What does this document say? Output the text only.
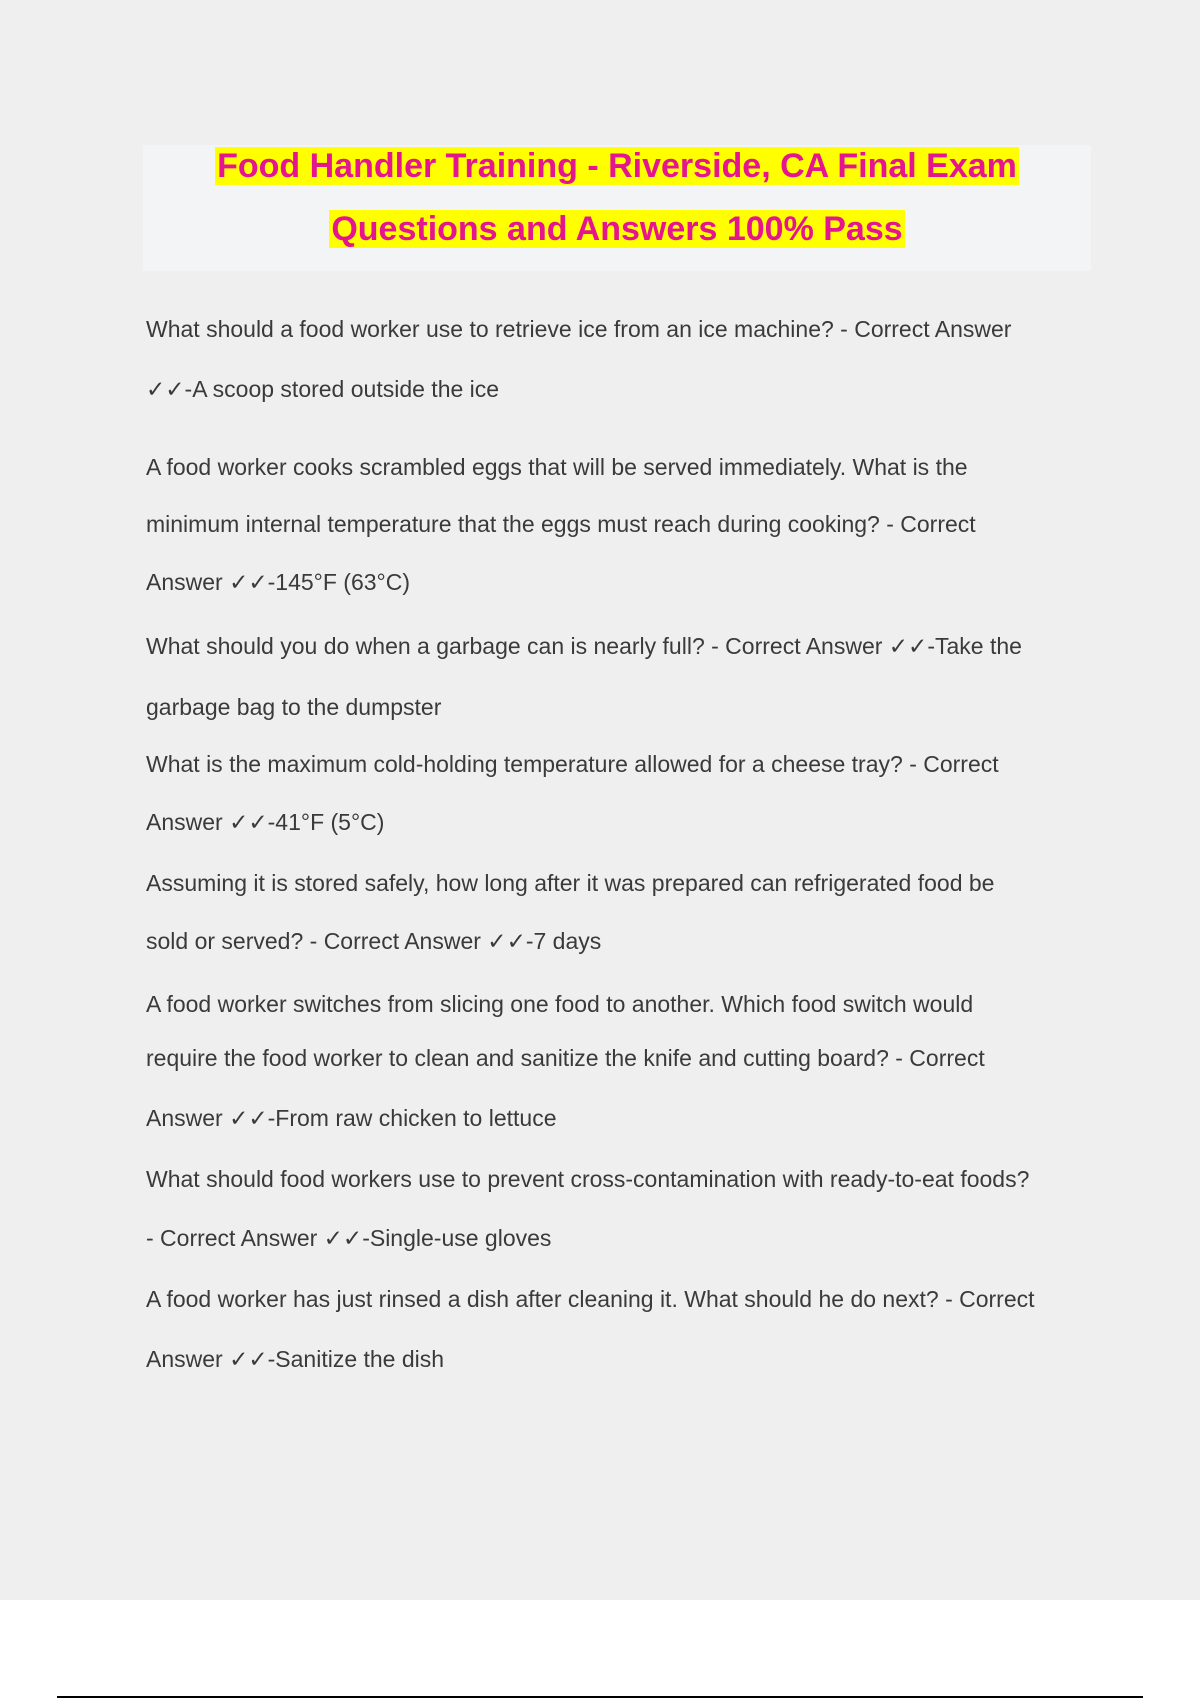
Food Handler Training - Riverside, CA Final Exam
Questions and Answers 100% Pass
What should a food worker use to retrieve ice from an ice machine? - Correct Answer
✓✓-A scoop stored outside the ice
A food worker cooks scrambled eggs that will be served immediately. What is the
minimum internal temperature that the eggs must reach during cooking? - Correct
Answer ✓✓-145°F (63°C)
What should you do when a garbage can is nearly full? - Correct Answer ✓✓-Take the
garbage bag to the dumpster
What is the maximum cold-holding temperature allowed for a cheese tray? - Correct
Answer ✓✓-41°F (5°C)
Assuming it is stored safely, how long after it was prepared can refrigerated food be
sold or served? - Correct Answer ✓✓-7 days
A food worker switches from slicing one food to another. Which food switch would
require the food worker to clean and sanitize the knife and cutting board? - Correct
Answer ✓✓-From raw chicken to lettuce
What should food workers use to prevent cross-contamination with ready-to-eat foods?
- Correct Answer ✓✓-Single-use gloves
A food worker has just rinsed a dish after cleaning it. What should he do next? - Correct
Answer ✓✓-Sanitize the dish
